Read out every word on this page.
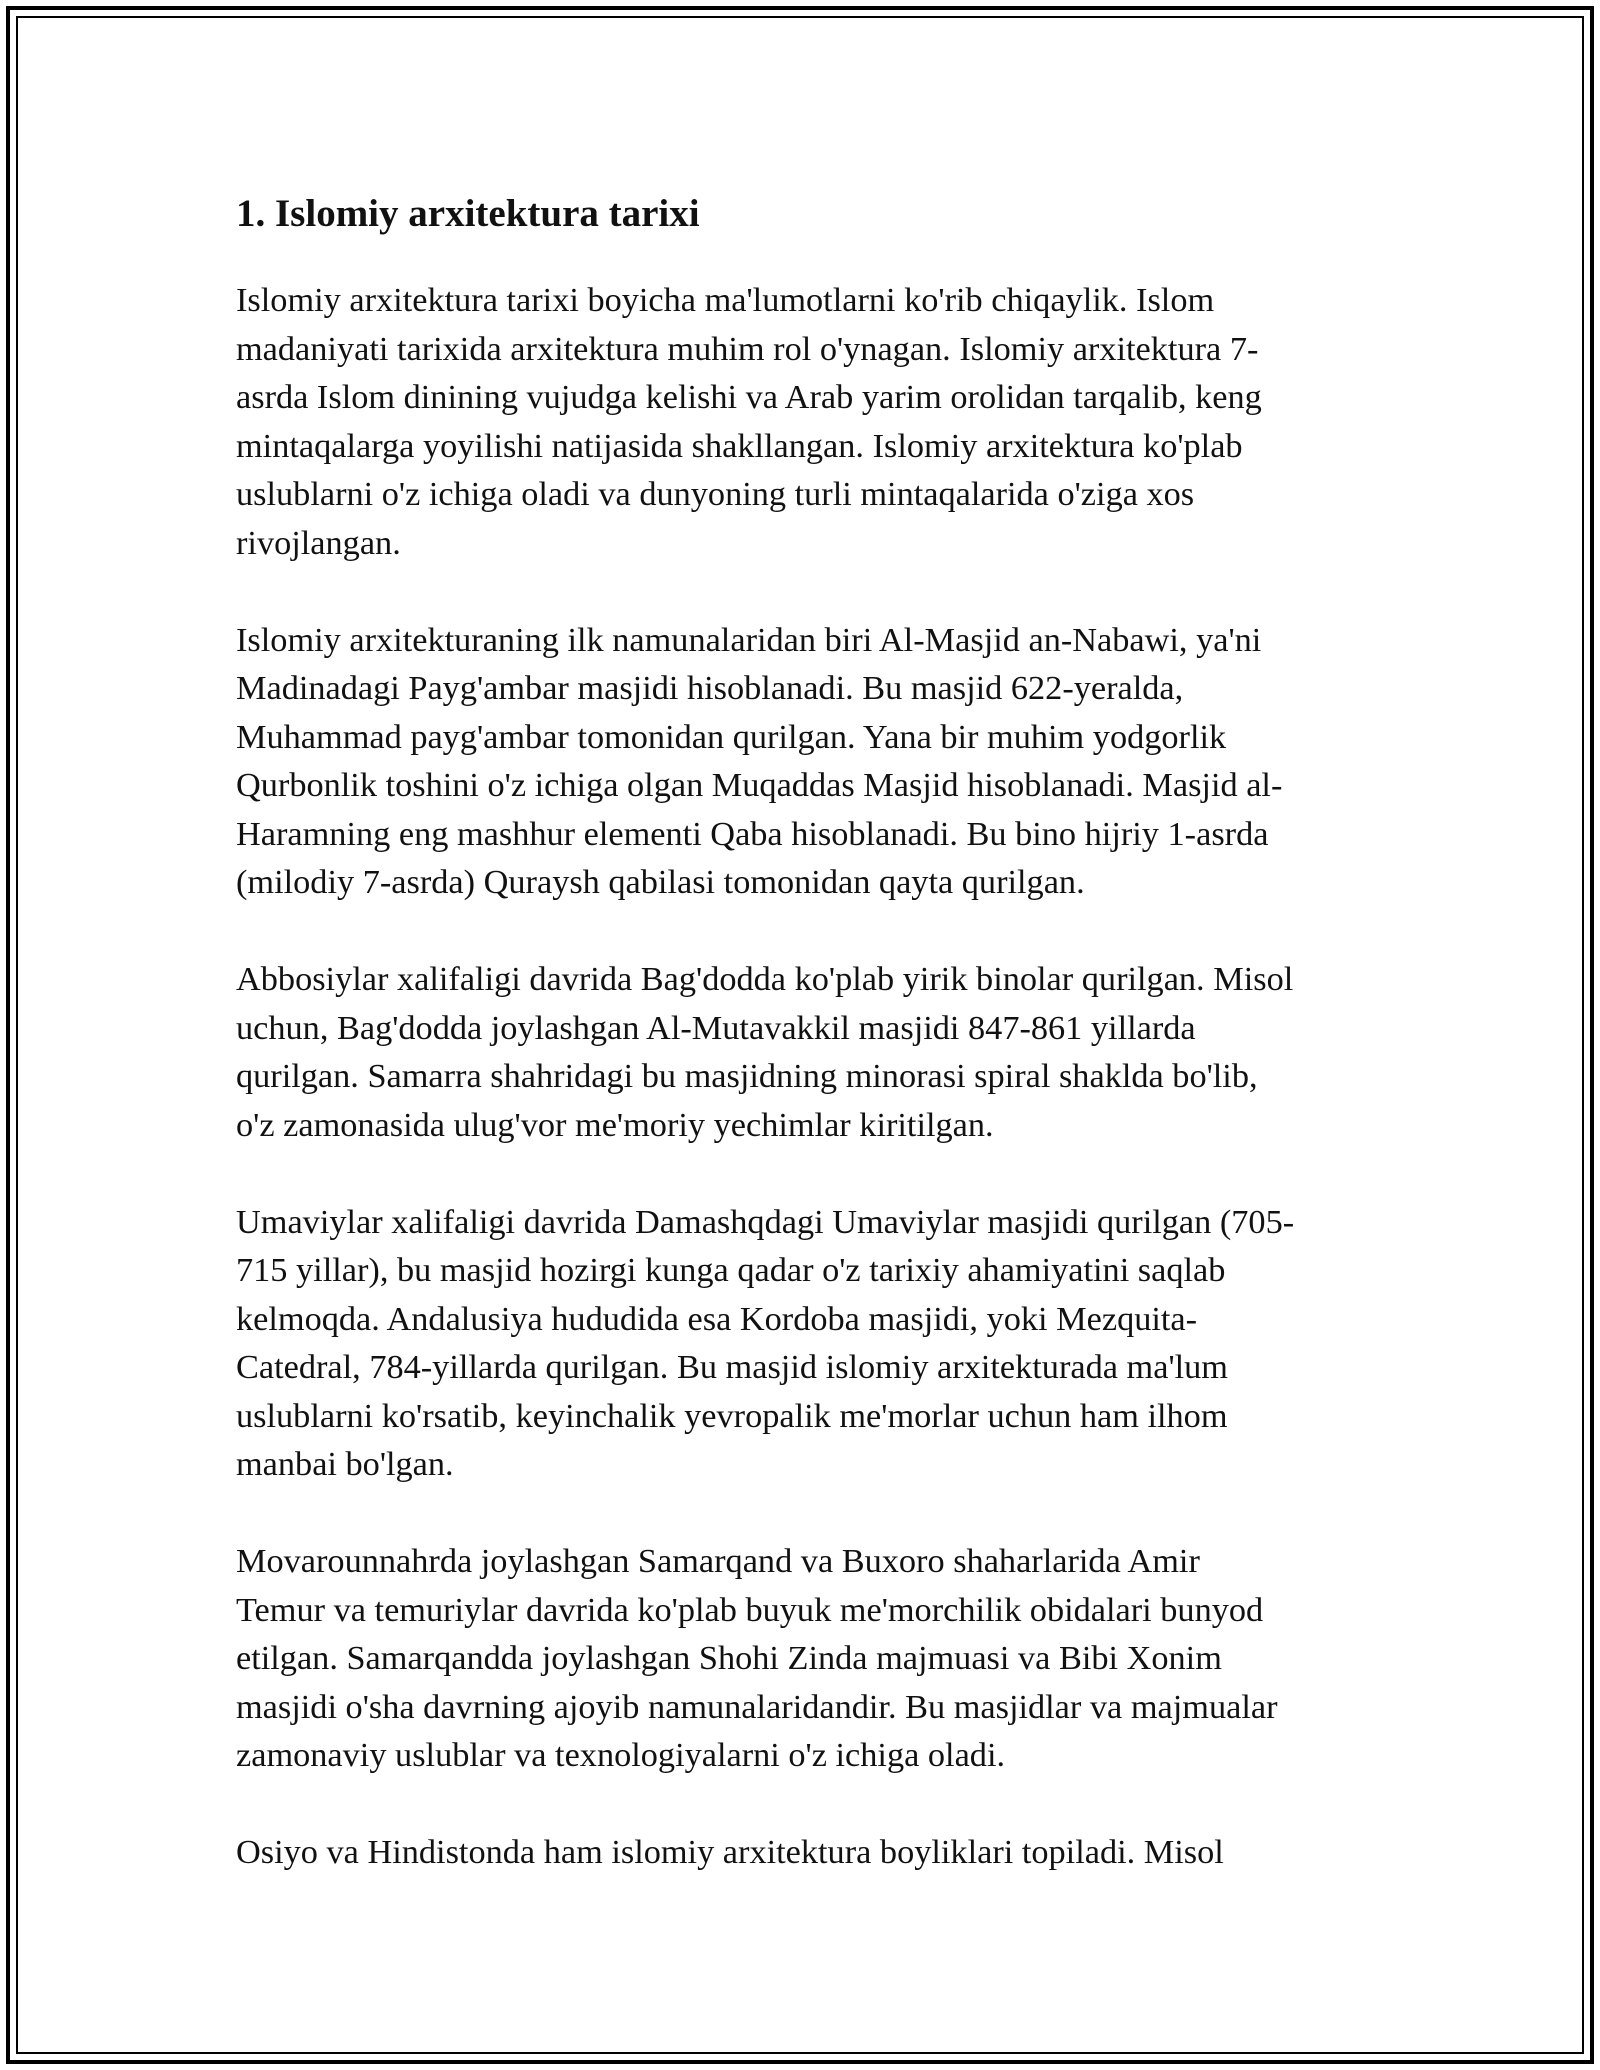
1. Islomiy arxitektura tarixi

Islomiy arxitektura tarixi boyicha ma'lumotlarni ko'rib chiqaylik. Islom
madaniyati tarixida arxitektura muhim rol o'ynagan. Islomiy arxitektura 7-
asrda Islom dinining vujudga kelishi va Arab yarim orolidan tarqalib, keng
mintaqalarga yoyilishi natijasida shakllangan. Islomiy arxitektura ko'plab
uslublarni o'z ichiga oladi va dunyoning turli mintaqalarida o'ziga xos
rivojlangan.

Islomiy arxitekturaning ilk namunalaridan biri Al-Masjid an-Nabawi, ya'ni
Madinadagi Payg'ambar masjidi hisoblanadi. Bu masjid 622-yeralda,
Muhammad payg'ambar tomonidan qurilgan. Yana bir muhim yodgorlik
Qurbonlik toshini o'z ichiga olgan Muqaddas Masjid hisoblanadi. Masjid al-
Haramning eng mashhur elementi Qaba hisoblanadi. Bu bino hijriy 1-asrda
(milodiy 7-asrda) Quraysh qabilasi tomonidan qayta qurilgan.

Abbosiylar xalifaligi davrida Bag'dodda ko'plab yirik binolar qurilgan. Misol
uchun, Bag'dodda joylashgan Al-Mutavakkil masjidi 847-861 yillarda
qurilgan. Samarra shahridagi bu masjidning minorasi spiral shaklda bo'lib,
o'z zamonasida ulug'vor me'moriy yechimlar kiritilgan.

Umaviylar xalifaligi davrida Damashqdagi Umaviylar masjidi qurilgan (705-
715 yillar), bu masjid hozirgi kunga qadar o'z tarixiy ahamiyatini saqlab
kelmoqda. Andalusiya hududida esa Kordoba masjidi, yoki Mezquita-
Catedral, 784-yillarda qurilgan. Bu masjid islomiy arxitekturada ma'lum
uslublarni ko'rsatib, keyinchalik yevropalik me'morlar uchun ham ilhom
manbai bo'lgan.

Movarounnahrda joylashgan Samarqand va Buxoro shaharlarida Amir
Temur va temuriylar davrida ko'plab buyuk me'morchilik obidalari bunyod
etilgan. Samarqandda joylashgan Shohi Zinda majmuasi va Bibi Xonim
masjidi o'sha davrning ajoyib namunalaridandir. Bu masjidlar va majmualar
zamonaviy uslublar va texnologiyalarni o'z ichiga oladi.

Osiyo va Hindistonda ham islomiy arxitektura boyliklari topiladi. Misol
